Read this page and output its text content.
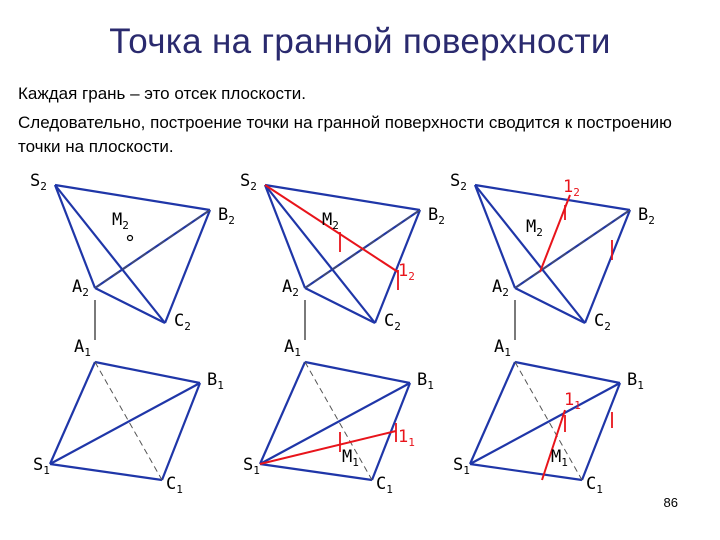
Точка на гранной поверхности

Каждая грань – это отсек плоскости.

Следовательно, построение точки на гранной поверхности сводится к построению точки на плоскости.

$S_2$
$M_2$
$B_2$
$A_2$
$C_2$
$A_1$
$B_1$
$S_1$
$C_1$
$S_2$
$M_2$
$B_2$
$1_2$
$A_2$
$C_2$
$A_1$
$B_1$
$1_1$
$M_1$
$S_1$
$C_1$
$S_2$	$1_2$
$M_2$
$B_2$
$A_2$
$C_2$
$A_1$
$B_1$
$1_1$
$M_1$
$S_1$
$C_1$
86
